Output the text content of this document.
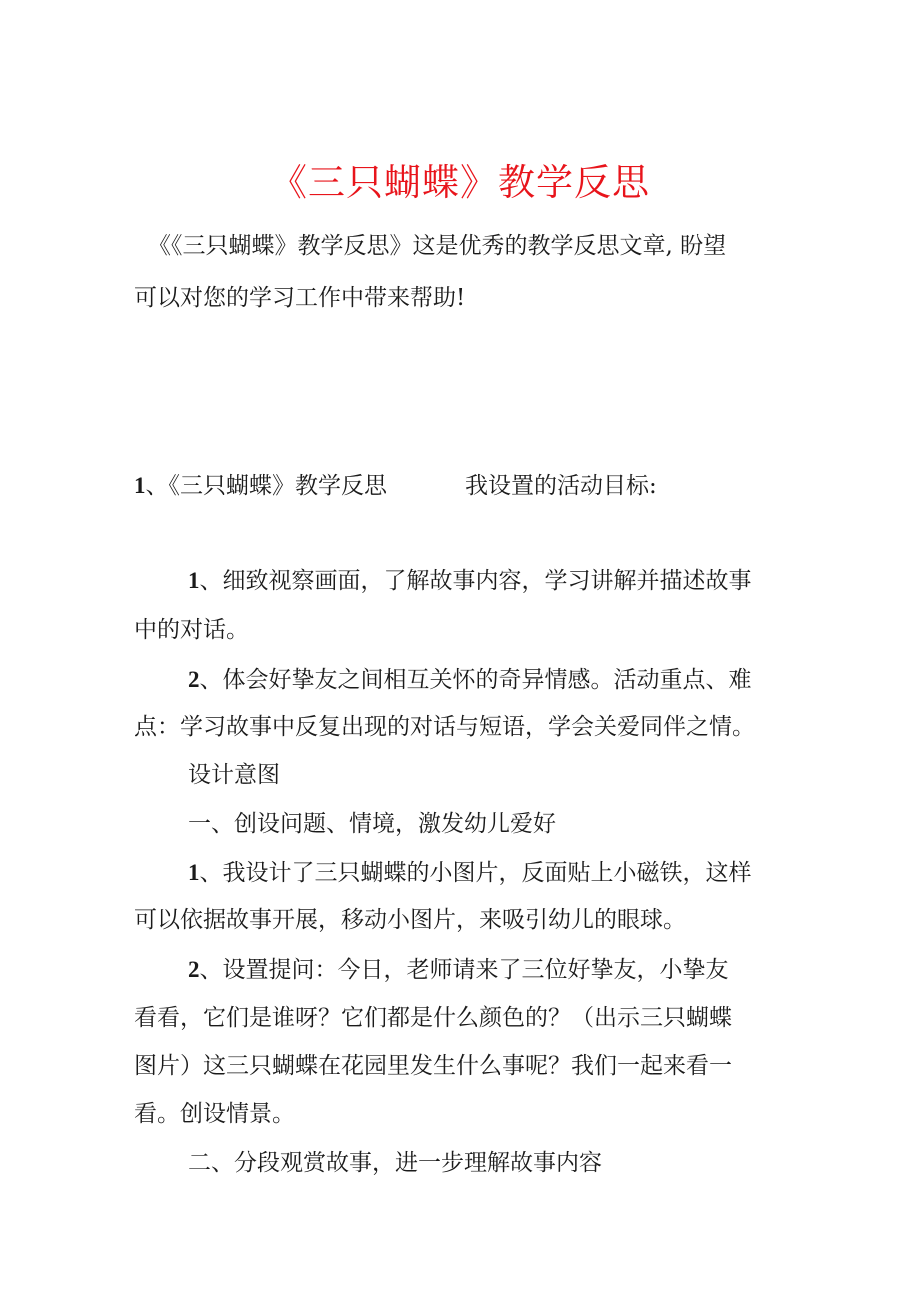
《三只蝴蝶》教学反思
《《三只蝴蝶》教学反思》这是优秀的教学反思文章, 盼望
可以对您的学习工作中带来帮助!
1、《三只蝴蝶》教学反思	我设置的活动目标:
1、细致视察画面，了解故事内容，学习讲解并描述故事
中的对话。
2、体会好挚友之间相互关怀的奇异情感。活动重点、难
点：学习故事中反复出现的对话与短语，学会关爱同伴之情。
设计意图
一、创设问题、情境，激发幼儿爱好
1、我设计了三只蝴蝶的小图片，反面贴上小磁铁，这样
可以依据故事开展，移动小图片，来吸引幼儿的眼球。
2、设置提问：今日，老师请来了三位好挚友，小挚友
看看，它们是谁呀？它们都是什么颜色的？（出示三只蝴蝶
图片）这三只蝴蝶在花园里发生什么事呢？我们一起来看一
看。创设情景。
二、分段观赏故事，进一步理解故事内容
